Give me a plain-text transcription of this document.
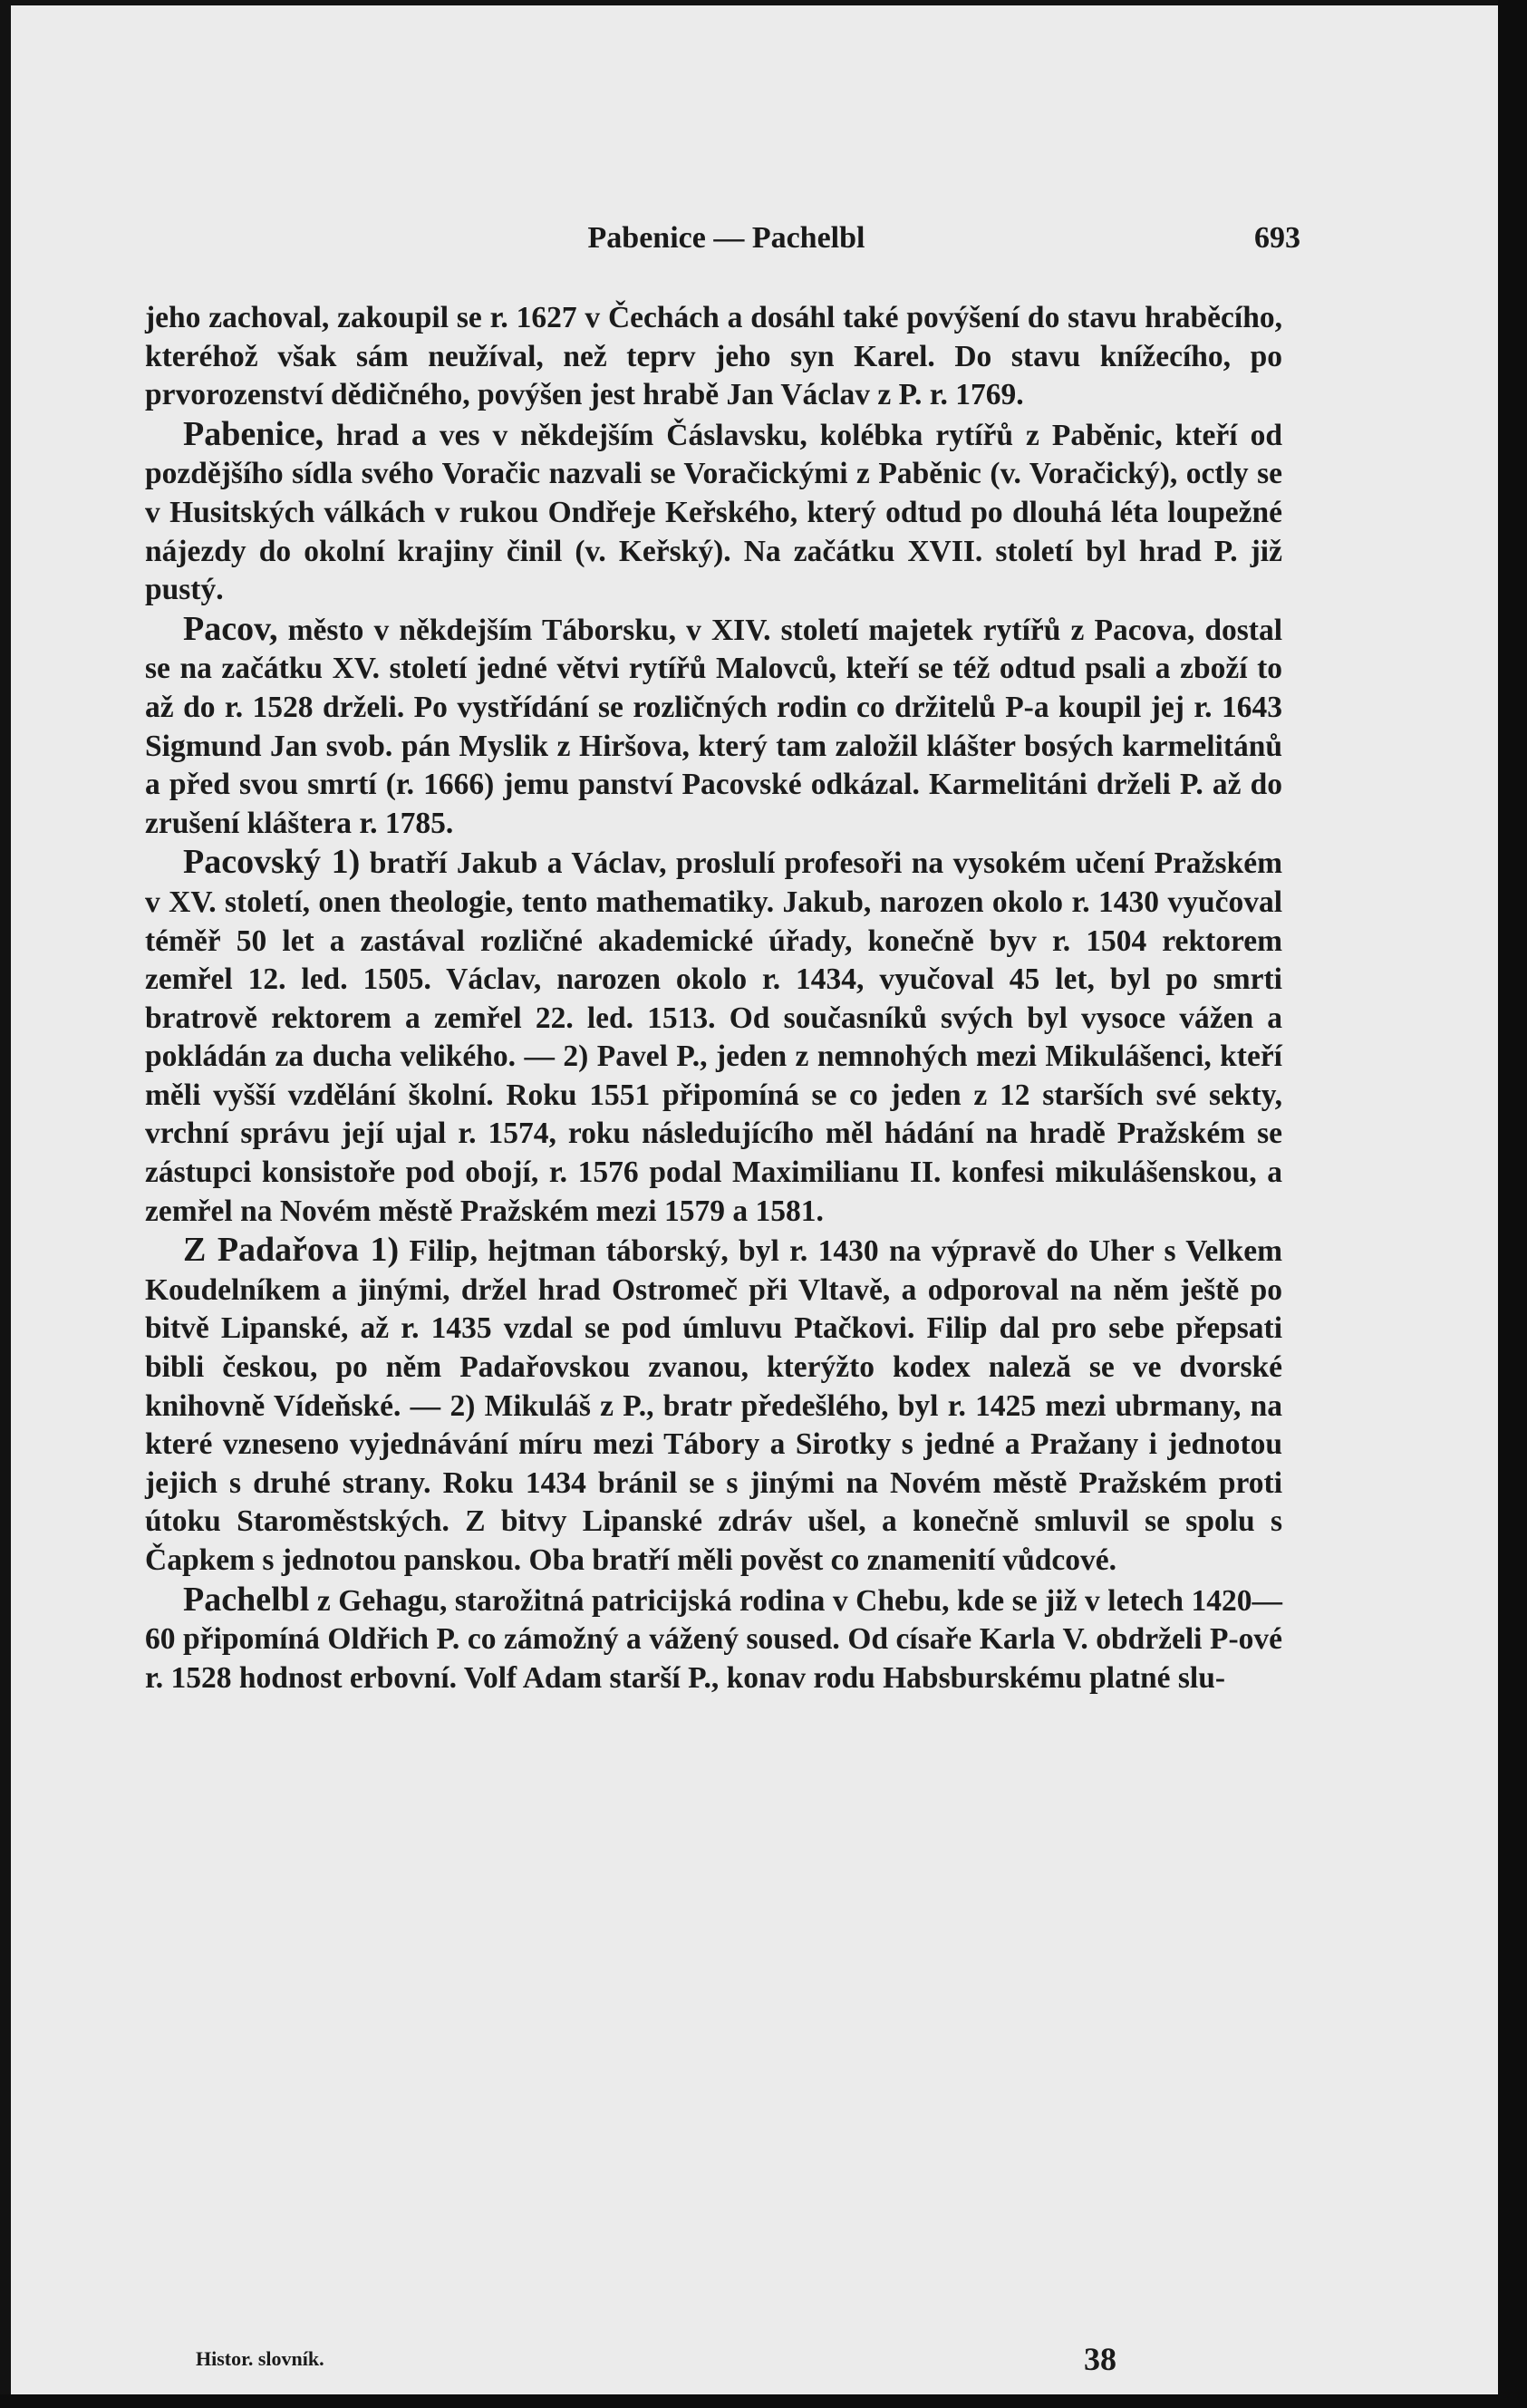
Pabenice — Pachelbl	693

jeho zachoval, zakoupil se r. 1627 v Čechách a dosáhl také povýšení do stavu hraběcího, kteréhož však sám neužíval, než teprv jeho syn Karel. Do stavu knížecího, po prvorozenství dědičného, povýšen jest hrabě Jan Václav z P. r. 1769.

Pabenice, hrad a ves v někdejším Čáslavsku, kolébka rytířů z Paběnic, kteří od pozdějšího sídla svého Voračic nazvali se Voračickými z Paběnic (v. Voračický), octly se v Husitských válkách v rukou Ondřeje Keřského, který odtud po dlouhá léta loupežné nájezdy do okolní krajiny činil (v. Keřský). Na začátku XVII. století byl hrad P. již pustý.

Pacov, město v někdejším Táborsku, v XIV. století majetek rytířů z Pacova, dostal se na začátku XV. století jedné větvi rytířů Malovců, kteří se též odtud psali a zboží to až do r. 1528 drželi. Po vystřídání se rozličných rodin co držitelů P-a koupil jej r. 1643 Sigmund Jan svob. pán Myslik z Hiršova, který tam založil klášter bosých karmelitánů a před svou smrtí (r. 1666) jemu panství Pacovské odkázal. Karmelitáni drželi P. až do zrušení kláštera r. 1785.

Pacovský 1) bratří Jakub a Václav, proslulí profesoři na vysokém učení Pražském v XV. století, onen theologie, tento mathematiky. Jakub, narozen okolo r. 1430 vyučoval téměř 50 let a zastával rozličné akademické úřady, konečně byv r. 1504 rektorem zemřel 12. led. 1505. Václav, narozen okolo r. 1434, vyučoval 45 let, byl po smrti bratrově rektorem a zemřel 22. led. 1513. Od současníků svých byl vysoce vážen a pokládán za ducha velikého. — 2) Pavel P., jeden z nemnohých mezi Mikulášenci, kteří měli vyšší vzdělání školní. Roku 1551 připomíná se co jeden z 12 starších své sekty, vrchní správu její ujal r. 1574, roku následujícího měl hádání na hradě Pražském se zástupci konsistoře pod obojí, r. 1576 podal Maximilianu II. konfesi mikulášenskou, a zemřel na Novém městě Pražském mezi 1579 a 1581.

Z Padařova 1) Filip, hejtman táborský, byl r. 1430 na výpravě do Uher s Velkem Koudelníkem a jinými, držel hrad Ostromeč při Vltavě, a odporoval na něm ještě po bitvě Lipanské, až r. 1435 vzdal se pod úmluvu Ptačkovi. Filip dal pro sebe přepsati bibli českou, po něm Padařovskou zvanou, kterýžto kodex naleză se ve dvorské knihovně Vídeňské. — 2) Mikuláš z P., bratr předešlého, byl r. 1425 mezi ubrmany, na které vzneseno vyjednávání míru mezi Tábory a Sirotky s jedné a Pražany i jednotou jejich s druhé strany. Roku 1434 bránil se s jinými na Novém městě Pražském proti útoku Staroměstských. Z bitvy Lipanské zdráv ušel, a konečně smluvil se spolu s Čapkem s jednotou panskou. Oba bratří měli pověst co znamenití vůdcové.

Pachelbl z Gehagu, starožitná patricijská rodina v Chebu, kde se již v letech 1420—60 připomíná Oldřich P. co zámožný a vážený soused. Od císaře Karla V. obdrželi P-ové r. 1528 hodnost erbovní. Volf Adam starší P., konav rodu Habsburskému platné slu-

Histor. slovník.	38
